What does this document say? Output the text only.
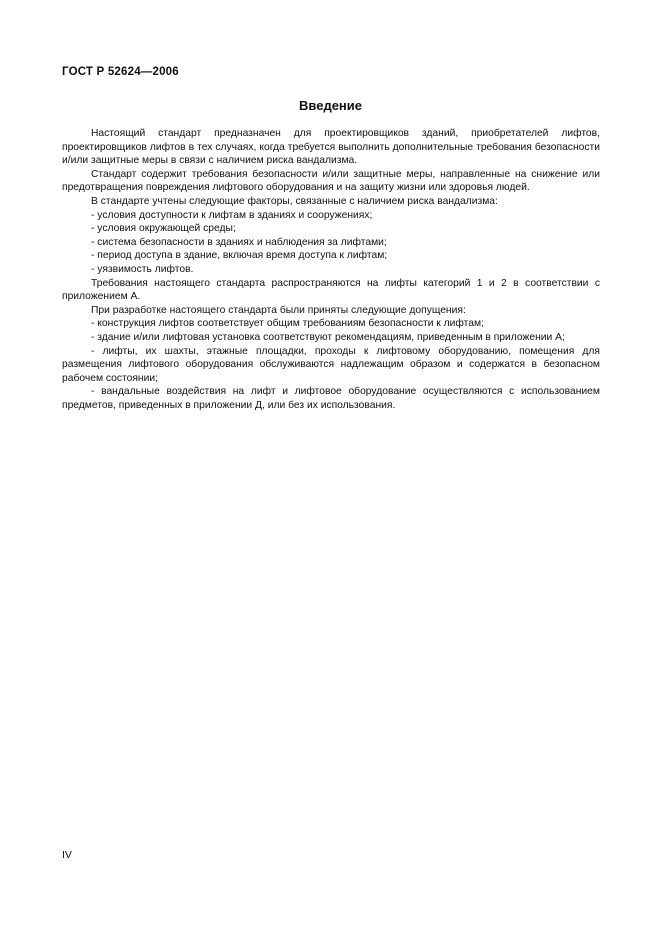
ГОСТ Р 52624—2006
Введение

Настоящий стандарт предназначен для проектировщиков зданий, приобретателей лифтов, проектировщиков лифтов в тех случаях, когда требуется выполнить дополнительные требования безопасности и/или защитные меры в связи с наличием риска вандализма.

Стандарт содержит требования безопасности и/или защитные меры, направленные на снижение или предотвращения повреждения лифтового оборудования и на защиту жизни или здоровья людей.

В стандарте учтены следующие факторы, связанные с наличием риска вандализма:

- условия доступности к лифтам в зданиях и сооружениях;

- условия окружающей среды;

- система безопасности в зданиях и наблюдения за лифтами;

- период доступа в здание, включая время доступа к лифтам;

- уязвимость лифтов.

Требования настоящего стандарта распространяются на лифты категорий 1 и 2 в соответствии с приложением А.

При разработке настоящего стандарта были приняты следующие допущения:

- конструкция лифтов соответствует общим требованиям безопасности к лифтам;

- здание и/или лифтовая установка соответствуют рекомендациям, приведенным в приложении А;

- лифты, их шахты, этажные площадки, проходы к лифтовому оборудованию, помещения для размещения лифтового оборудования обслуживаются надлежащим образом и содержатся в безопасном рабочем состоянии;

- вандальные воздействия на лифт и лифтовое оборудование осуществляются с использованием предметов, приведенных в приложении Д, или без их использования.

IV
